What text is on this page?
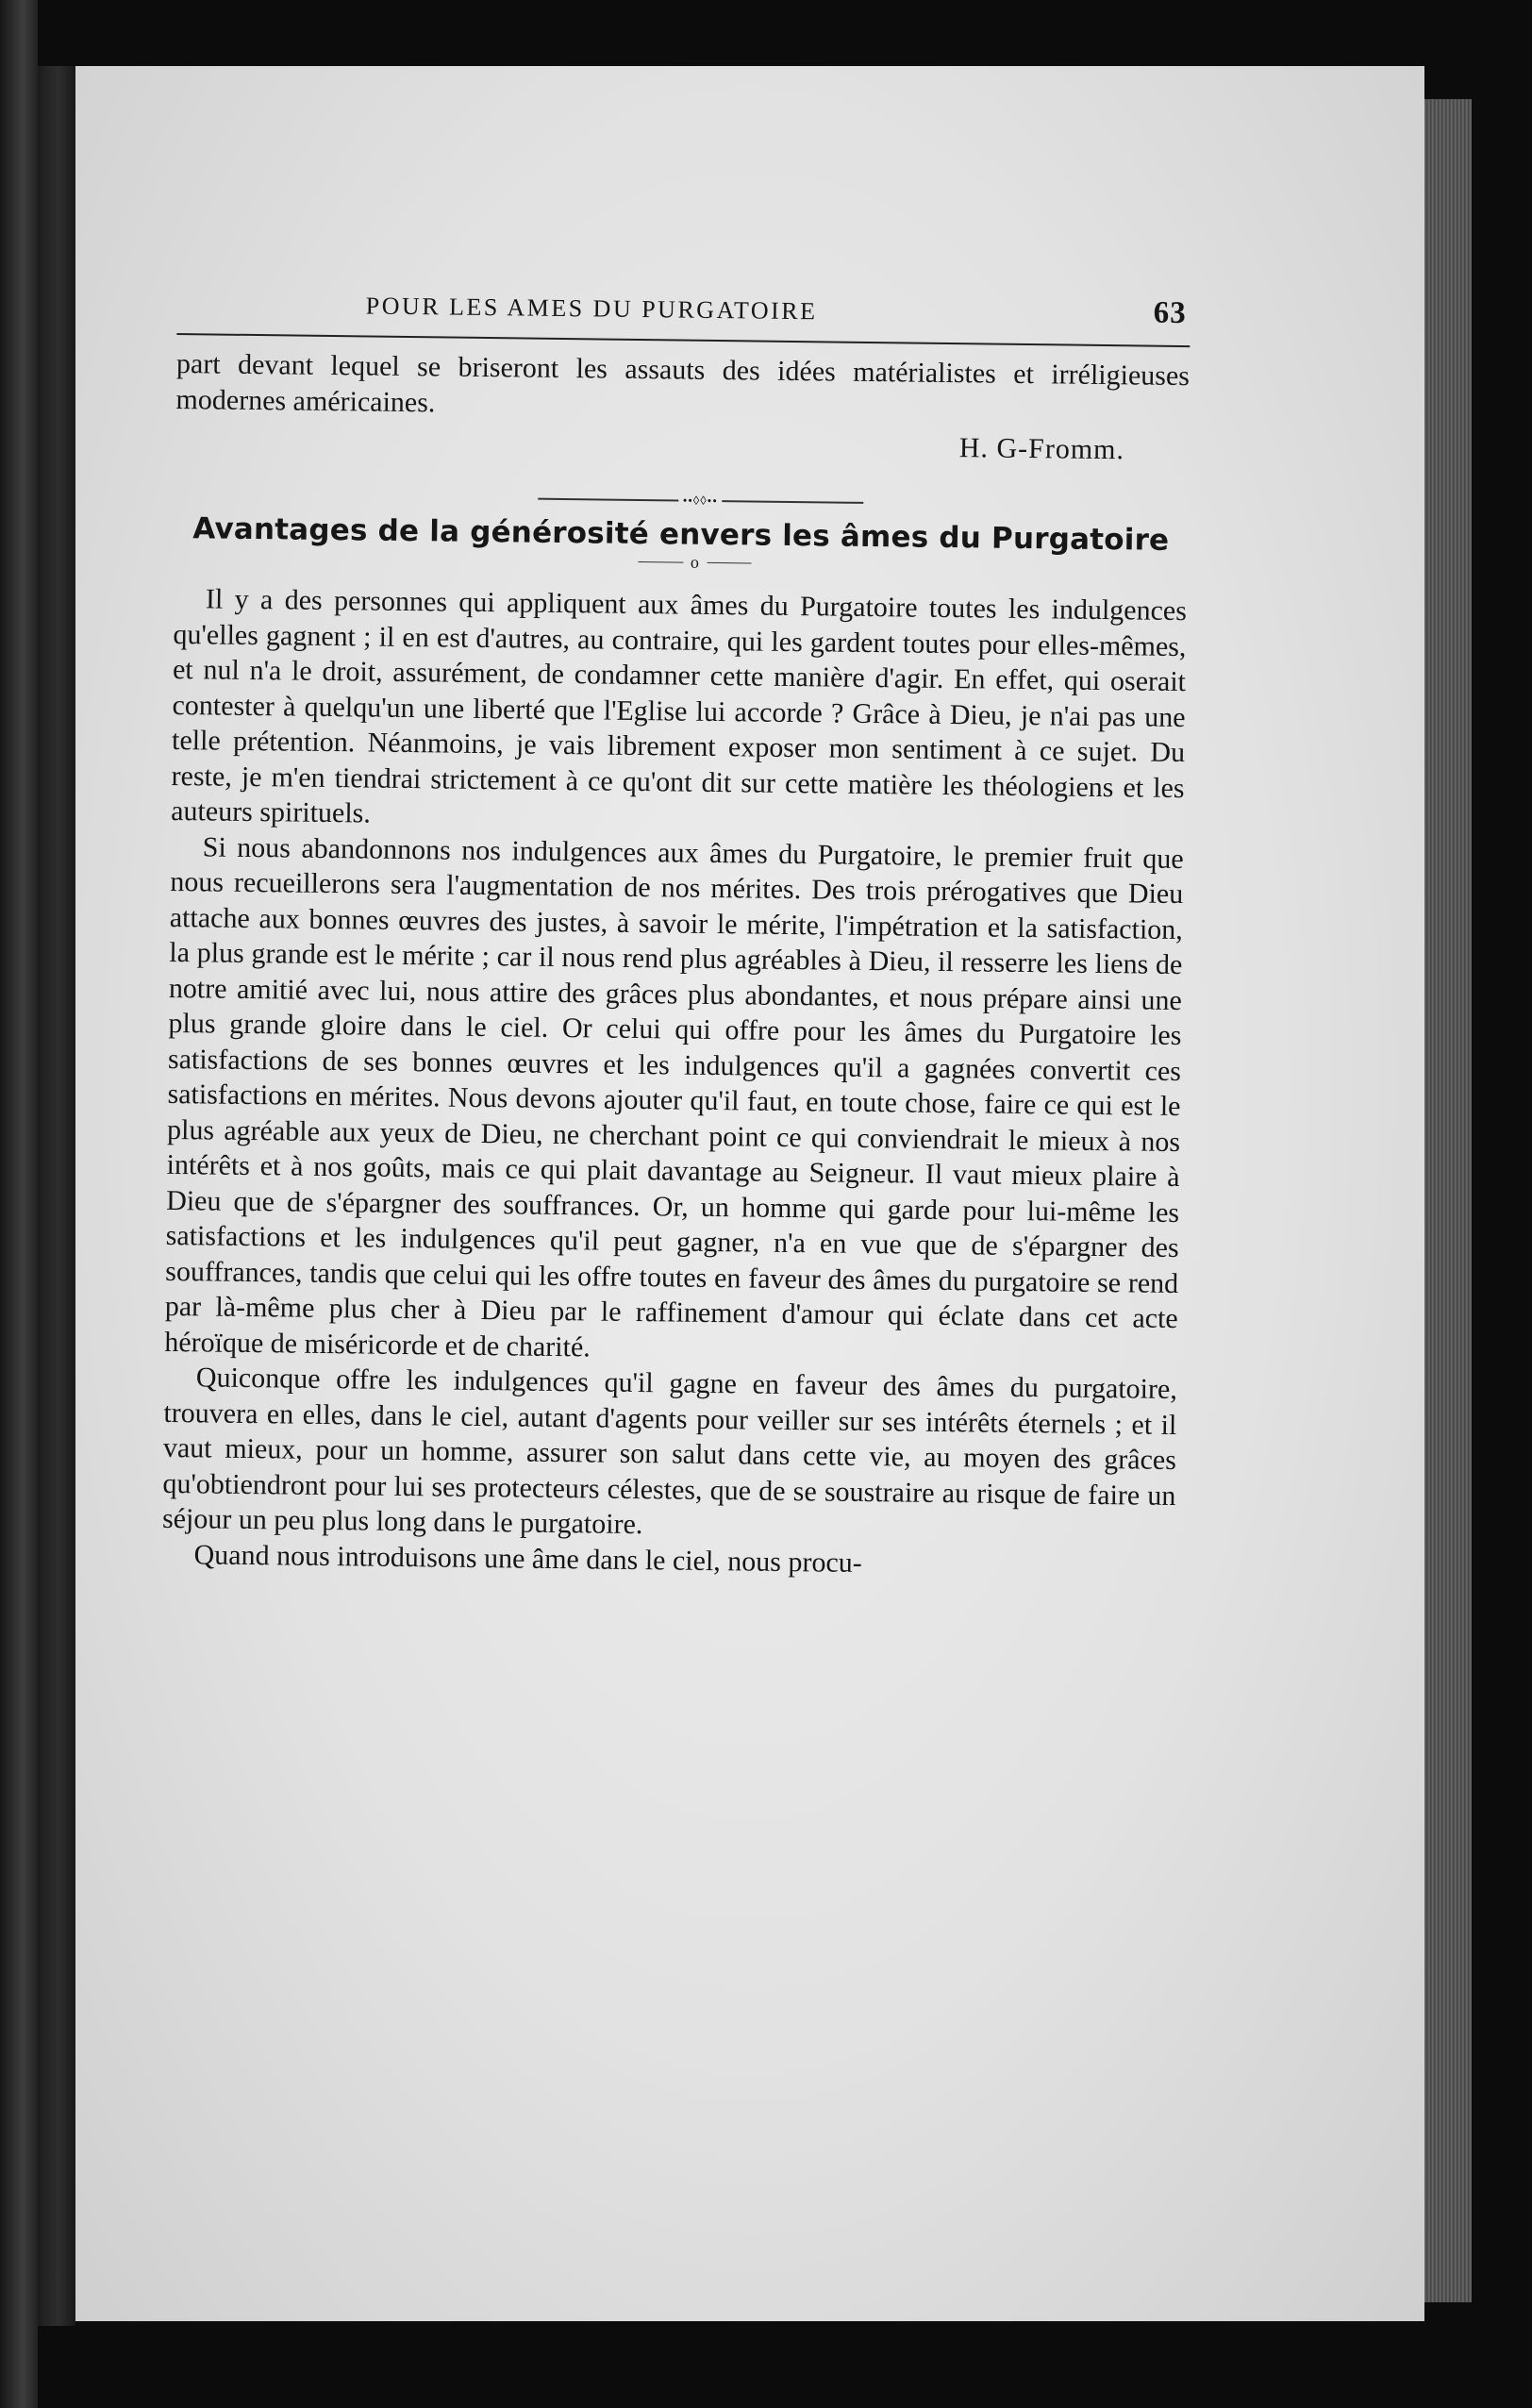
POUR LES AMES DU PURGATOIRE	63

part devant lequel se briseront les assauts des idées matérialistes et irréligieuses modernes américaines.

H. G-Fromm.
••◊◊••
Avantages de la générosité envers les âmes du Purgatoire
o

Il y a des personnes qui appliquent aux âmes du Purgatoire toutes les indulgences qu'elles gagnent ; il en est d'autres, au contraire, qui les gardent toutes pour elles-mêmes, et nul n'a le droit, assurément, de condamner cette manière d'agir. En effet, qui oserait contester à quelqu'un une liberté que l'Eglise lui accorde ? Grâce à Dieu, je n'ai pas une telle prétention. Néanmoins, je vais librement exposer mon sentiment à ce sujet. Du reste, je m'en tiendrai strictement à ce qu'ont dit sur cette matière les théologiens et les auteurs spirituels.

Si nous abandonnons nos indulgences aux âmes du Purgatoire, le premier fruit que nous recueillerons sera l'augmentation de nos mérites. Des trois prérogatives que Dieu attache aux bonnes œuvres des justes, à savoir le mérite, l'impétration et la satisfaction, la plus grande est le mérite ; car il nous rend plus agréables à Dieu, il resserre les liens de notre amitié avec lui, nous attire des grâces plus abondantes, et nous prépare ainsi une plus grande gloire dans le ciel. Or celui qui offre pour les âmes du Purgatoire les satisfactions de ses bonnes œuvres et les indulgences qu'il a gagnées convertit ces satisfactions en mérites. Nous devons ajouter qu'il faut, en toute chose, faire ce qui est le plus agréable aux yeux de Dieu, ne cherchant point ce qui conviendrait le mieux à nos intérêts et à nos goûts, mais ce qui plait davantage au Seigneur. Il vaut mieux plaire à Dieu que de s'épargner des souffrances. Or, un homme qui garde pour lui-même les satisfactions et les indulgences qu'il peut gagner, n'a en vue que de s'épargner des souffrances, tandis que celui qui les offre toutes en faveur des âmes du purgatoire se rend par là-même plus cher à Dieu par le raffinement d'amour qui éclate dans cet acte héroïque de miséricorde et de charité.

Quiconque offre les indulgences qu'il gagne en faveur des âmes du purgatoire, trouvera en elles, dans le ciel, autant d'agents pour veiller sur ses intérêts éternels ; et il vaut mieux, pour un homme, assurer son salut dans cette vie, au moyen des grâces qu'obtiendront pour lui ses protecteurs célestes, que de se soustraire au risque de faire un séjour un peu plus long dans le purgatoire.

Quand nous introduisons une âme dans le ciel, nous procu-
